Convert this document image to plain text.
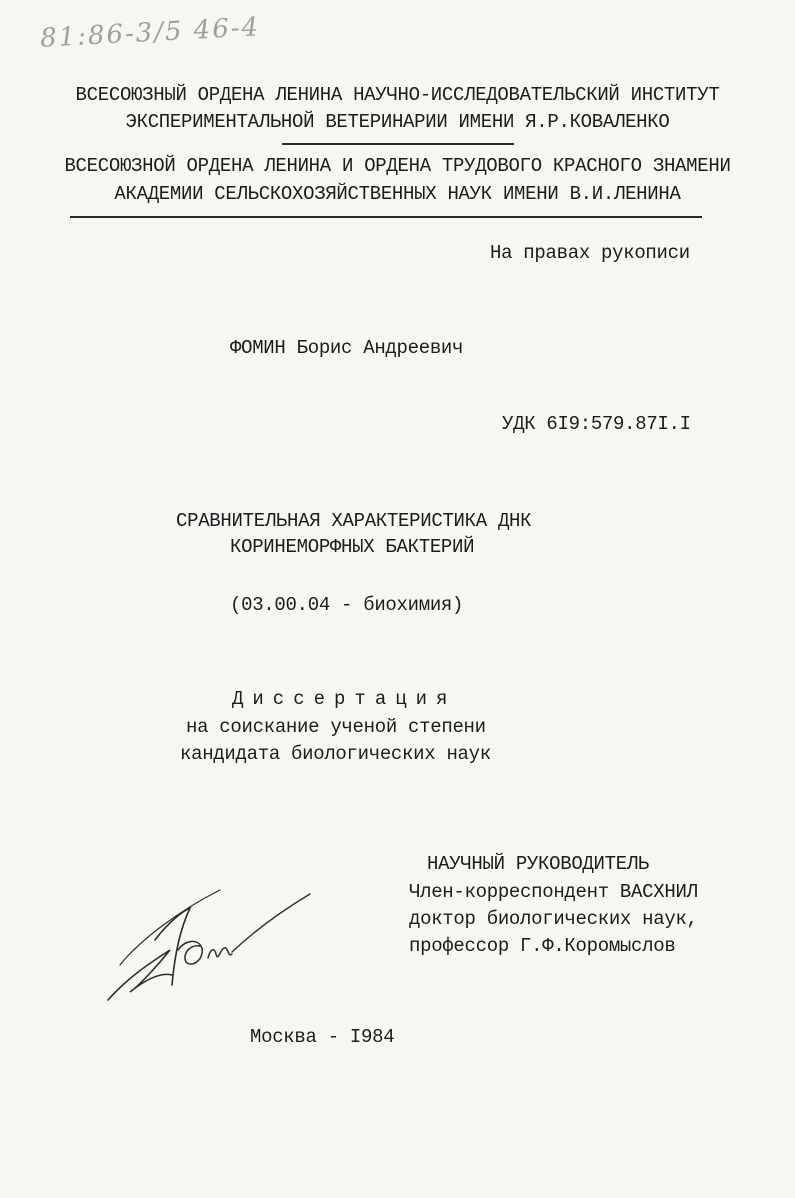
81:86-3/5 46-4
ВСЕСОЮЗНЫЙ ОРДЕНА ЛЕНИНА НАУЧНО-ИССЛЕДОВАТЕЛЬСКИЙ ИНСТИТУТ
ЭКСПЕРИМЕНТАЛЬНОЙ ВЕТЕРИНАРИИ ИМЕНИ Я.Р.КОВАЛЕНКО
ВСЕСОЮЗНОЙ ОРДЕНА ЛЕНИНА И ОРДЕНА ТРУДОВОГО КРАСНОГО ЗНАМЕНИ
АКАДЕМИИ СЕЛЬСКОХОЗЯЙСТВЕННЫХ НАУК ИМЕНИ В.И.ЛЕНИНА
На правах рукописи
ФОМИН Борис Андреевич
УДК 6I9:579.87I.I
СРАВНИТЕЛЬНАЯ ХАРАКТЕРИСТИКА ДНК
КОРИНЕМОРФНЫХ БАКТЕРИЙ
(03.00.04 - биохимия)
Диссертация
на соискание ученой степени
кандидата биологических наук
НАУЧНЫЙ РУКОВОДИТЕЛЬ
Член-корреспондент ВАСХНИЛ
доктор биологических наук,
профессор Г.Ф.Коромыслов
Москва - I984
